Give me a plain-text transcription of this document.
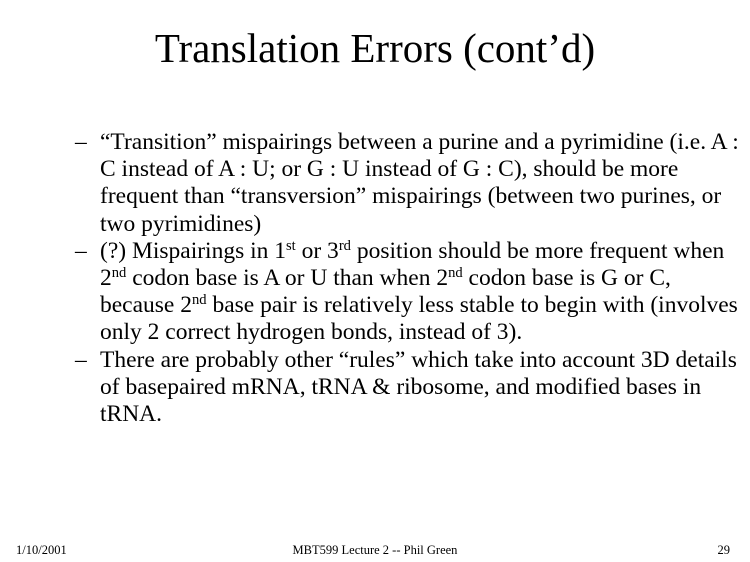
Translation Errors (cont’d)
– “Transition” mispairings between a purine and a pyrimidine (i.e. A : C instead of A : U; or G : U instead of G : C), should be more frequent than “transversion” mispairings (between two purines, or two pyrimidines)
– (?) Mispairings in 1st or 3rd position should be more frequent when 2nd codon base is A or U than when 2nd codon base is G or C, because 2nd base pair is relatively less stable to begin with (involves only 2 correct hydrogen bonds, instead of 3).
– There are probably other “rules” which take into account 3D details of basepaired mRNA, tRNA & ribosome, and modified bases in tRNA.
1/10/2001	MBT599 Lecture 2 -- Phil Green	29
